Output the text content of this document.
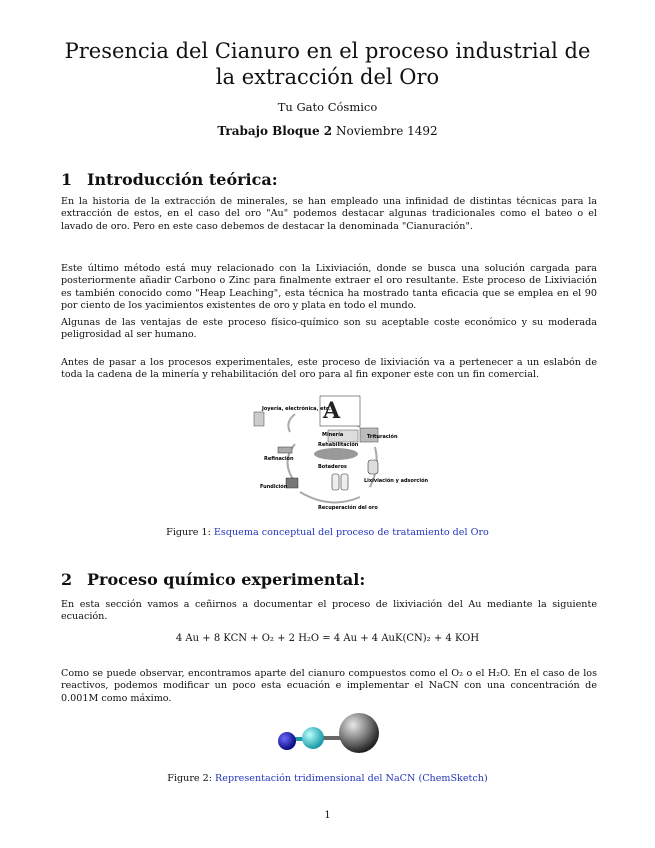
Presencia del Cianuro en el proceso industrial de la extracción del Oro
Tu Gato Cósmico
Trabajo Bloque 2 Noviembre 1492
1 Introducción teórica:

En la historia de la extracción de minerales, se han empleado una infinidad de distintas técnicas para la extracción de estos, en el caso del oro "Au" podemos destacar algunas tradicionales como el bateo o el lavado de oro. Pero en este caso debemos de destacar la denominada "Cianuración".

Este último método está muy relacionado con la Lixiviación, donde se busca una solución cargada para posteriormente añadir Carbono o Zinc para finalmente extraer el oro resultante. Este proceso de Lixiviación es también conocido como "Heap Leaching", esta técnica ha mostrado tanta eficacia que se emplea en el 90 por ciento de los yacimientos existentes de oro y plata en todo el mundo.

Algunas de las ventajas de este proceso físico-químico son su aceptable coste económico y su moderada peligrosidad al ser humano.

Antes de pasar a los procesos experimentales, este proceso de lixiviación va a pertenecer a un eslabón de toda la cadena de la minería y rehabilitación del oro para al fin exponer este con un fin comercial.

A
Minería
Joyería, electrónica, etc.
Trituración
Rehabilitación
Refinación
Botaderos
Lixiviación y adsorción
Fundición
Recuperación del oro
Figure 1: Esquema conceptual del proceso de tratamiento del Oro
2 Proceso químico experimental:

En esta sección vamos a ceñirnos a documentar el proceso de lixiviación del Au mediante la siguiente ecuación.

4 Au + 8 KCN + O₂ + 2 H₂O = 4 Au + 4 AuK(CN)₂ + 4 KOH

Como se puede observar, encontramos aparte del cianuro compuestos como el O₂ o el H₂O. En el caso de los reactivos, podemos modificar un poco esta ecuación e implementar el NaCN con una concentración de 0.001M como máximo.

Figure 2: Representación tridimensional del NaCN (ChemSketch)
1
